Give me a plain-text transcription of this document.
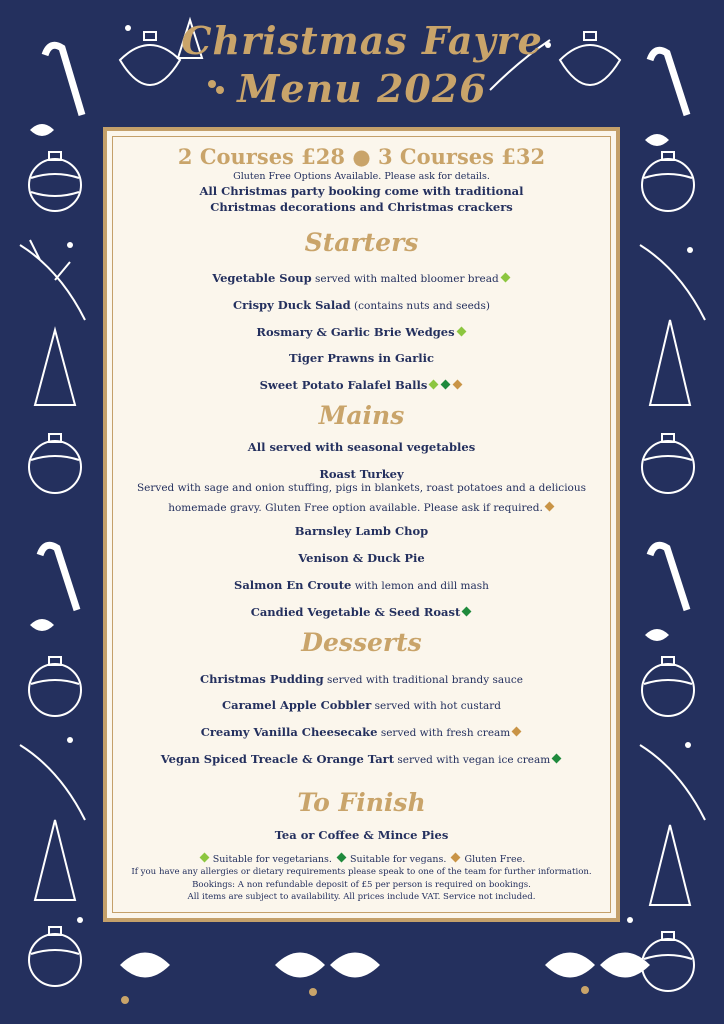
Christmas Fayre
Menu 2026
2 Courses £28 ● 3 Courses £32
Gluten Free Options Available. Please ask for details.
All Christmas party booking come with traditional
Christmas decorations and Christmas crackers
Starters
Vegetable Soup served with malted bloomer bread
Crispy Duck Salad (contains nuts and seeds)
Rosmary & Garlic Brie Wedges
Tiger Prawns in Garlic
Sweet Potato Falafel Balls
Mains
All served with seasonal vegetables
Roast Turkey
Served with sage and onion stuffing, pigs in blankets, roast potatoes and a delicious
homemade gravy. Gluten Free option available. Please ask if required.
Barnsley Lamb Chop
Venison & Duck Pie
Salmon En Croute with lemon and dill mash
Candied Vegetable & Seed Roast
Desserts
Christmas Pudding served with traditional brandy sauce
Caramel Apple Cobbler served with hot custard
Creamy Vanilla Cheesecake served with fresh cream
Vegan Spiced Treacle & Orange Tart served with vegan ice cream
To Finish
Tea or Coffee & Mince Pies
Suitable for vegetarians.  Suitable for vegans.  Gluten Free.
If you have any allergies or dietary requirements please speak to one of the team for further information.
Bookings: A non refundable deposit of £5 per person is required on bookings.
All items are subject to availability. All prices include VAT. Service not included.
